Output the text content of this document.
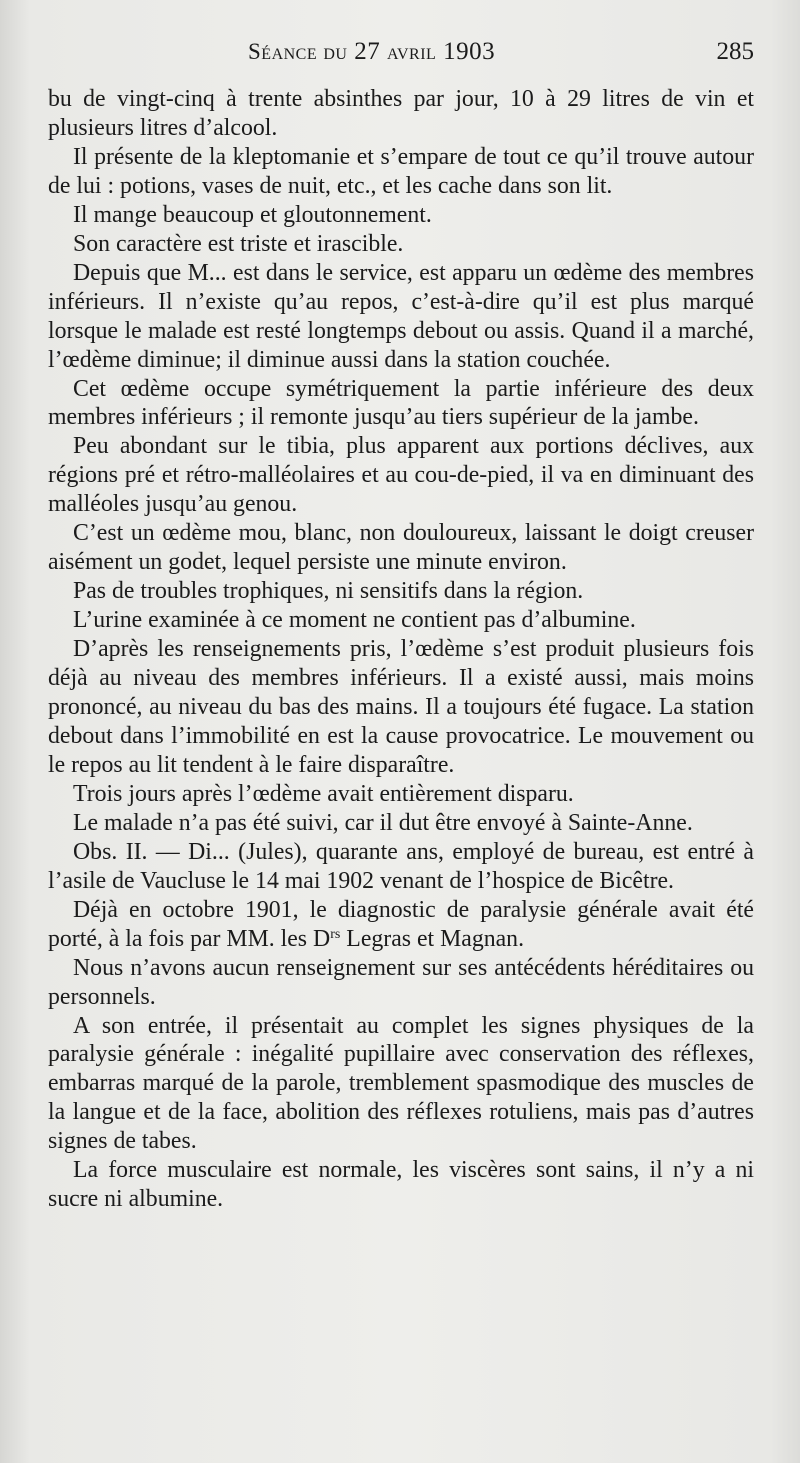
Séance du 27 avril 1903	285

bu de vingt-cinq à trente absinthes par jour, 10 à 29 litres de vin et plusieurs litres d’alcool.

Il présente de la kleptomanie et s’empare de tout ce qu’il trouve autour de lui : potions, vases de nuit, etc., et les cache dans son lit.

Il mange beaucoup et gloutonnement.

Son caractère est triste et irascible.

Depuis que M... est dans le service, est apparu un œdème des membres inférieurs. Il n’existe qu’au repos, c’est-à-dire qu’il est plus marqué lorsque le malade est resté longtemps debout ou assis. Quand il a marché, l’œdème diminue; il diminue aussi dans la station couchée.

Cet œdème occupe symétriquement la partie inférieure des deux membres inférieurs ; il remonte jusqu’au tiers supérieur de la jambe.

Peu abondant sur le tibia, plus apparent aux portions déclives, aux régions pré et rétro-malléolaires et au cou-de-pied, il va en diminuant des malléoles jusqu’au genou.

C’est un œdème mou, blanc, non douloureux, laissant le doigt creuser aisément un godet, lequel persiste une minute environ.

Pas de troubles trophiques, ni sensitifs dans la région.

L’urine examinée à ce moment ne contient pas d’albumine.

D’après les renseignements pris, l’œdème s’est produit plusieurs fois déjà au niveau des membres inférieurs. Il a existé aussi, mais moins prononcé, au niveau du bas des mains. Il a toujours été fugace. La station debout dans l’immobilité en est la cause provocatrice. Le mouvement ou le repos au lit tendent à le faire disparaître.

Trois jours après l’œdème avait entièrement disparu.

Le malade n’a pas été suivi, car il dut être envoyé à Sainte-Anne.

Obs. II. — Di... (Jules), quarante ans, employé de bureau, est entré à l’asile de Vaucluse le 14 mai 1902 venant de l’hospice de Bicêtre.

Déjà en octobre 1901, le diagnostic de paralysie générale avait été porté, à la fois par MM. les $D^{rs}$ Legras et Magnan.

Nous n’avons aucun renseignement sur ses antécédents héréditaires ou personnels.

A son entrée, il présentait au complet les signes physiques de la paralysie générale : inégalité pupillaire avec conservation des réflexes, embarras marqué de la parole, tremblement spasmodique des muscles de la langue et de la face, abolition des réflexes rotuliens, mais pas d’autres signes de tabes.

La force musculaire est normale, les viscères sont sains, il n’y a ni sucre ni albumine.
